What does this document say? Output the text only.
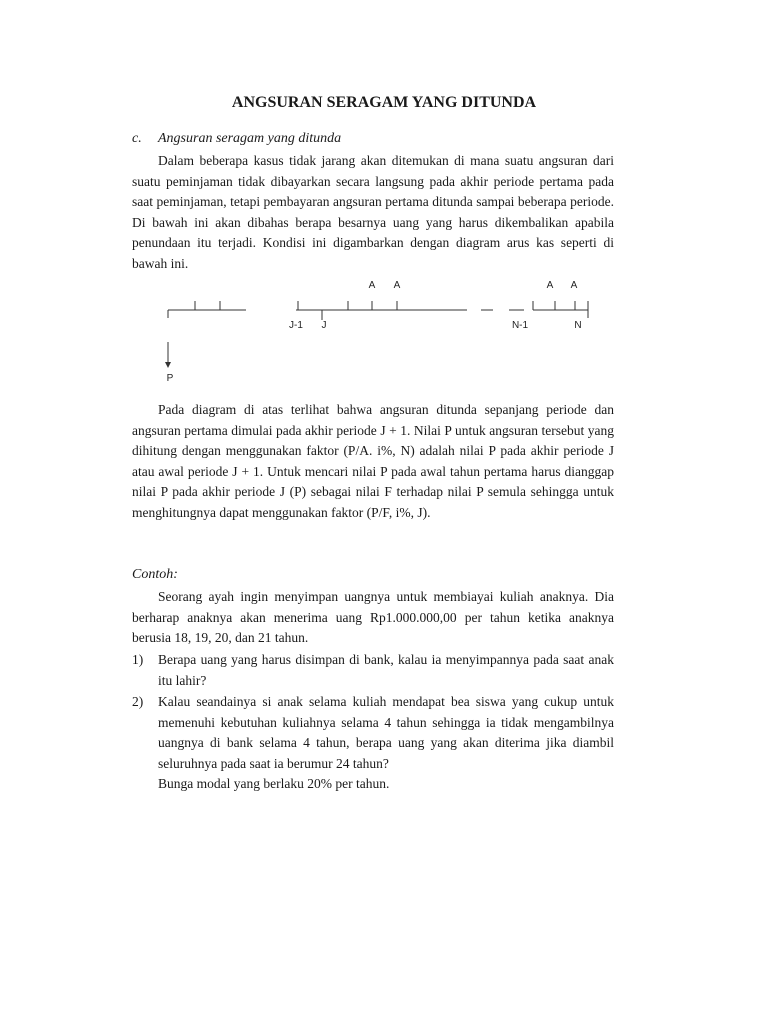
ANGSURAN SERAGAM YANG DITUNDA
c. Angsuran seragam yang ditunda
Dalam beberapa kasus tidak jarang akan ditemukan di mana suatu angsuran dari suatu peminjaman tidak dibayarkan secara langsung pada akhir periode pertama pada saat peminjaman, tetapi pembayaran angsuran pertama ditunda sampai beberapa periode. Di bawah ini akan dibahas berapa besarnya uang yang harus dikembalikan apabila penundaan itu terjadi. Kondisi ini digambarkan dengan diagram arus kas seperti di bawah ini.
A A	A A
J-1 J	N-1	N
P
Pada diagram di atas terlihat bahwa angsuran ditunda sepanjang periode dan angsuran pertama dimulai pada akhir periode J + 1. Nilai P untuk angsuran tersebut yang dihitung dengan menggunakan faktor (P/A. i%, N) adalah nilai P pada akhir periode J atau awal periode J + 1. Untuk mencari nilai P pada awal tahun pertama harus dianggap nilai P pada akhir periode J (P) sebagai nilai F terhadap nilai P semula sehingga untuk menghitungnya dapat menggunakan faktor (P/F, i%, J).
Contoh:
Seorang ayah ingin menyimpan uangnya untuk membiayai kuliah anaknya. Dia berharap anaknya akan menerima uang Rp1.000.000,00 per tahun ketika anaknya berusia 18, 19, 20, dan 21 tahun.
1) Berapa uang yang harus disimpan di bank, kalau ia menyimpannya pada saat anak itu lahir?
2) Kalau seandainya si anak selama kuliah mendapat bea siswa yang cukup untuk memenuhi kebutuhan kuliahnya selama 4 tahun sehingga ia tidak mengambilnya uangnya di bank selama 4 tahun, berapa uang yang akan diterima jika diambil seluruhnya pada saat ia berumur 24 tahun?
Bunga modal yang berlaku 20% per tahun.
